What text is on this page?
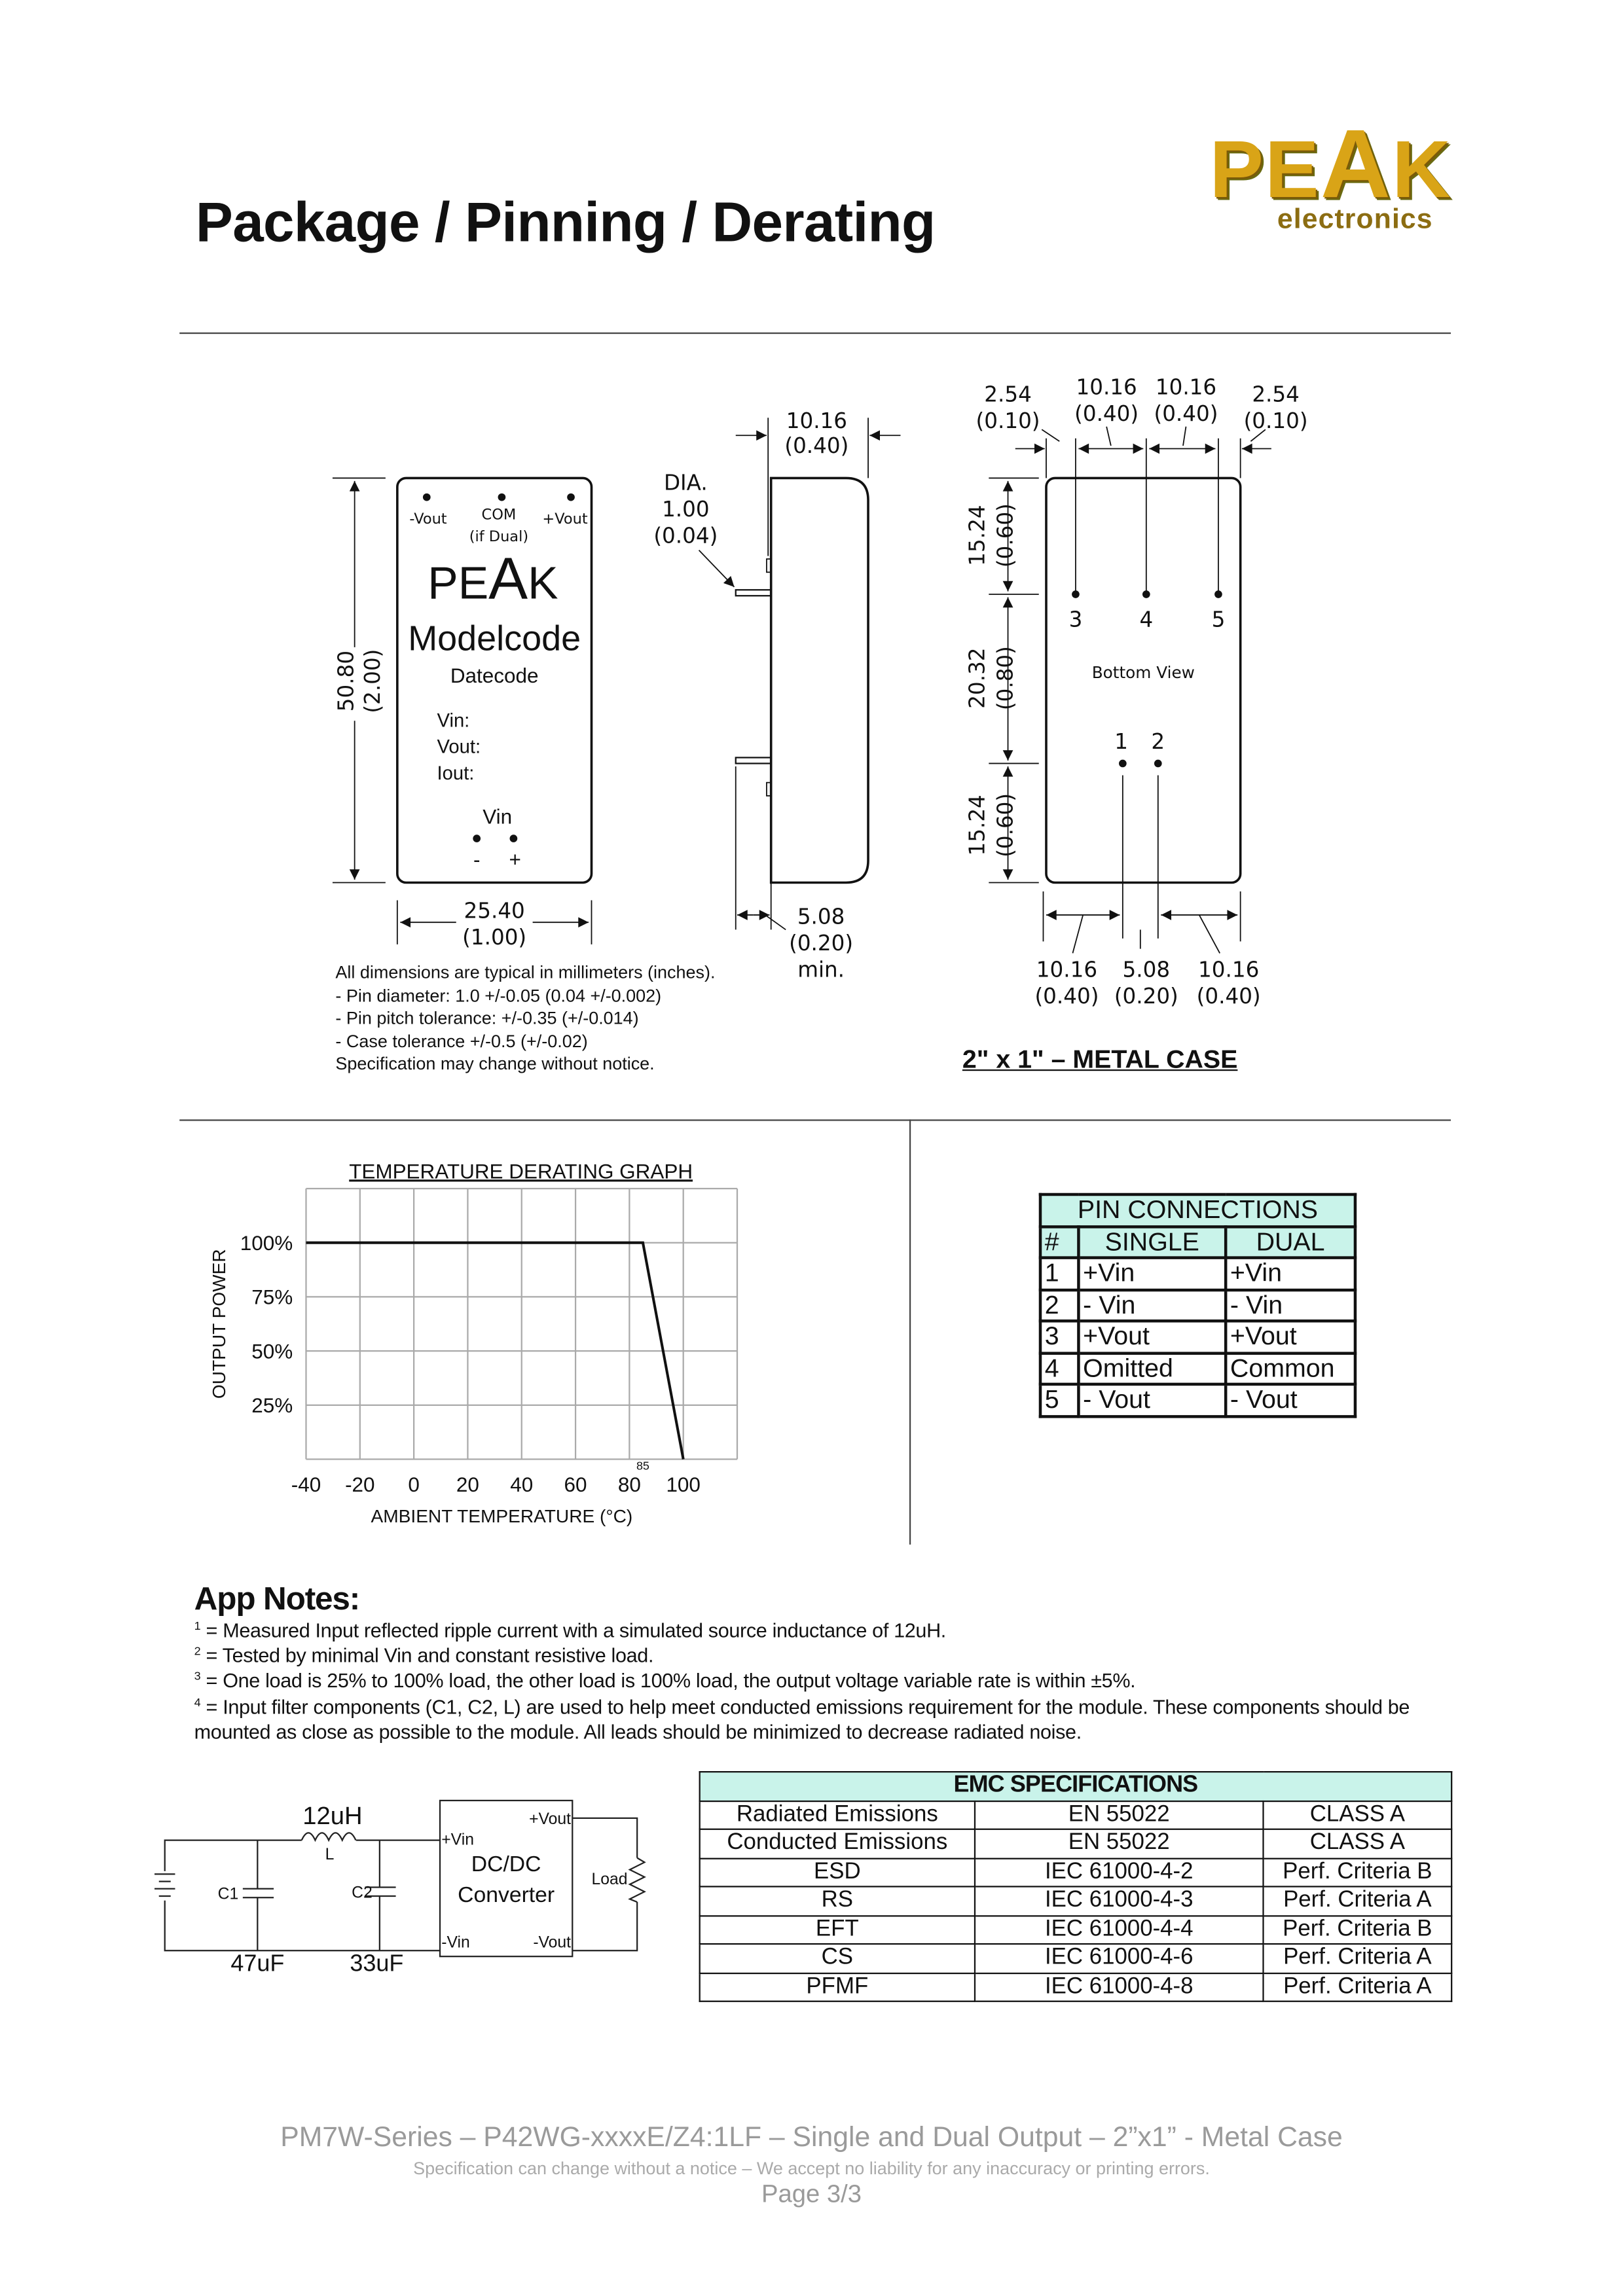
Package / Pinning / Derating
PEAK
electronics
-Vout	COM
(if Dual)
+Vout
PEAK
Modelcode
Datecode
Vin
-	+
25.40
(1.00)
50.80 (2.00)
Vin:
Vout:
Iout:
10.16
(0.40)
DIA.
1.00
(0.04)
5.08
(0.20)
min.
3	4	5
1 2
Bottom View
2.54
(0.10)
10.16
(0.40)
10.16
(0.40)
2.54
(0.10)
10.16
(0.40)
5.08
(0.20)
10.16
(0.40)
15.24 (0.60)
20.32 (0.80)
15.24 (0.60)
-40	-20	0	20	40	60	80	100
100%
75%
50%
25%
85
TEMPERATURE DERATING GRAPH
OUTPUT POWER
AMBIENT TEMPERATURE (°C)
12uH
L
C1	C2
47uF	33uF
DC/DC
Converter
+Vin
-Vin
+Vout
-Vout
Load
All dimensions are typical in millimeters (inches).
- Pin diameter: 1.0 +/-0.05 (0.04 +/-0.002)
- Pin pitch tolerance: +/-0.35 (+/-0.014)
- Case tolerance +/-0.5 (+/-0.02)
Specification may change without notice.	2" x 1" – METAL CASE
PIN CONNECTIONS		
#	SINGLE	DUAL
1	+Vin	+Vin
2	- Vin	- Vin
3	+Vout	+Vout
4	Omitted	Common
5	- Vout	- Vout
App Notes:
$^1$ = Measured Input reflected ripple current with a simulated source inductance of 12uH.
$^2$ = Tested by minimal Vin and constant resistive load.
$^3$ = One load is 25% to 100% load, the other load is 100% load, the output voltage variable rate is within ±5%.
$^4$ = Input filter components (C1, C2, L) are used to help meet conducted emissions requirement for the module. These components should be mounted as close as possible to the module. All leads should be minimized to decrease radiated noise.
EMC SPECIFICATIONS		
Radiated Emissions	EN 55022	CLASS A
Conducted Emissions	EN 55022	CLASS A
ESD	IEC 61000-4-2	Perf. Criteria B
RS	IEC 61000-4-3	Perf. Criteria A
EFT	IEC 61000-4-4	Perf. Criteria B
CS	IEC 61000-4-6	Perf. Criteria A
PFMF	IEC 61000-4-8	Perf. Criteria A
PM7W-Series – P42WG-xxxxE/Z4:1LF – Single and Dual Output – 2”x1” - Metal Case
Specification can change without a notice – We accept no liability for any inaccuracy or printing errors.
Page 3/3
